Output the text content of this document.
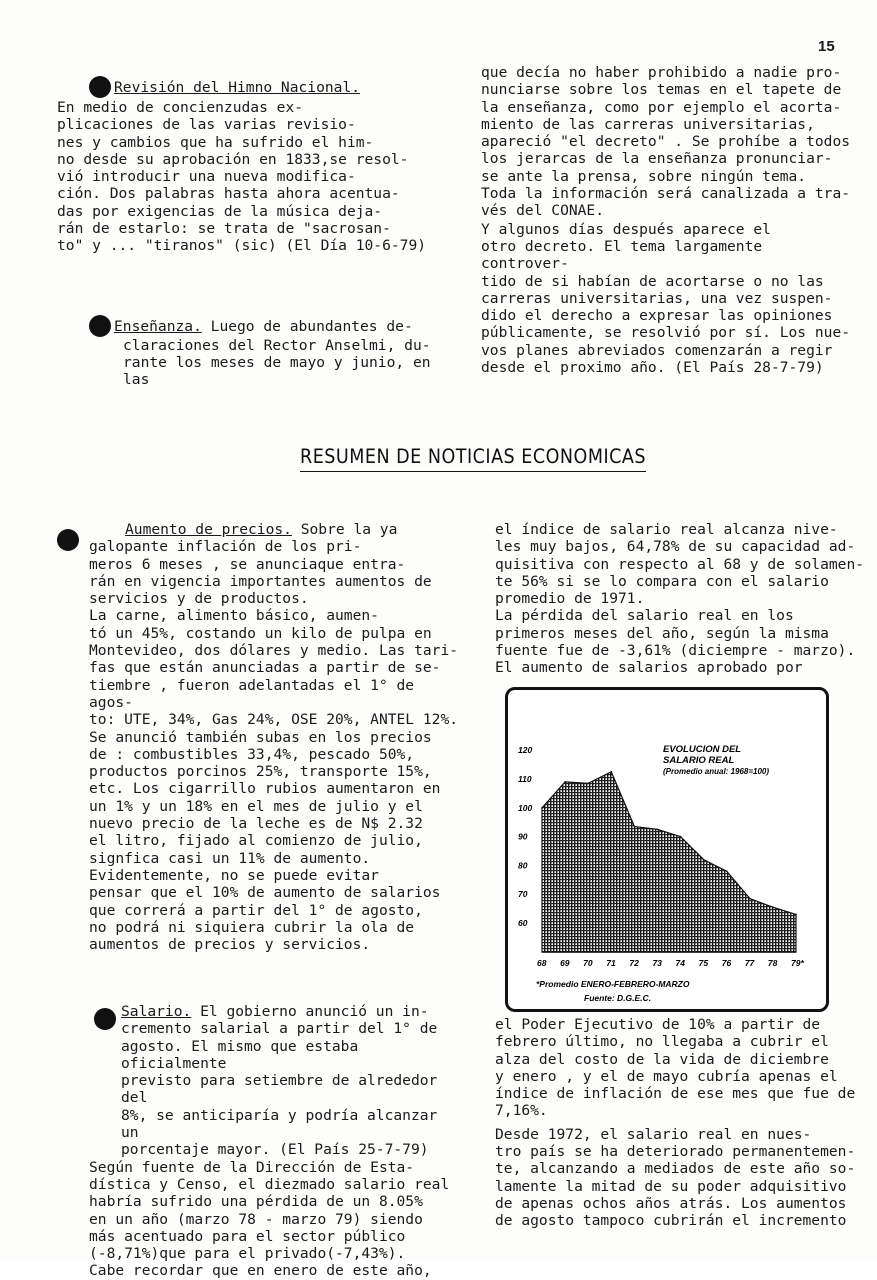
15

Revisión del Himno Nacional.

En medio de concienzudas ex-
plicaciones de las varias revisio-
nes y cambios que ha sufrido el him-
no desde su aprobación en 1833,se resol-
vió introducir una nueva modifica-
ción. Dos palabras hasta ahora acentua-
das por exigencias de la música deja-
rán de estarlo: se trata de "sacrosan-
to" y ... "tiranos" (sic) (El Día 10-6-79)

Enseñanza. Luego de abundantes de-

claraciones del Rector Anselmi, du-
rante los meses de mayo y junio, en las

que decía no haber prohibido a nadie pro-
nunciarse sobre los temas en el tapete de
la enseñanza, como por ejemplo el acorta-
miento de las carreras universitarias,
apareció "el decreto" . Se prohíbe a todos
los jerarcas de la enseñanza pronunciar-
se ante la prensa, sobre ningún tema.
Toda la información será canalizada a tra-
vés del CONAE.

Y algunos días después aparece el
otro decreto. El tema largamente controver-
tido de si habían de acortarse o no las
carreras universitarias, una vez suspen-
dido el derecho a expresar las opiniones
públicamente, se resolvió por sí. Los nue-
vos planes abreviados comenzarán a regir
desde el proximo año. (El País 28-7-79)

RESUMEN DE NOTICIAS ECONOMICAS

Aumento de precios. Sobre la ya

galopante inflación de los pri-
meros 6 meses , se anunciaque entra-
rán en vigencia importantes aumentos de
servicios y de productos.

La carne, alimento básico, aumen-
tó un 45%, costando un kilo de pulpa en
Montevideo, dos dólares y medio. Las tari-
fas que están anunciadas a partir de se-
tiembre , fueron adelantadas el 1° de agos-
to: UTE, 34%, Gas 24%, OSE 20%, ANTEL 12%.
Se anunció también subas en los precios
de : combustibles 33,4%, pescado 50%,
productos porcinos 25%, transporte 15%,
etc. Los cigarrillo rubios aumentaron en
un 1% y un 18% en el mes de julio y el
nuevo precio de la leche es de N$ 2.32
el litro, fijado al comienzo de julio,
signfica casi un 11% de aumento.

Evidentemente, no se puede evitar
pensar que el 10% de aumento de salarios
que correrá a partir del 1° de agosto,
no podrá ni siquiera cubrir la ola de
aumentos de precios y servicios.

Salario. El gobierno anunció un in-

cremento salarial a partir del 1° de
agosto. El mismo que estaba oficialmente
previsto para setiembre de alrededor del
8%, se anticiparía y podría alcanzar un
porcentaje mayor. (El País 25-7-79)

Según fuente de la Dirección de Esta-
dística y Censo, el diezmado salario real
habría sufrido una pérdida de un 8.05%
en un año (marzo 78 - marzo 79) siendo
más acentuado para el sector público
(-8,71%)que para el privado(-7,43%).
Cabe recordar que en enero de este año,

el índice de salario real alcanza nive-
les muy bajos, 64,78% de su capacidad ad-
quisitiva con respecto al 68 y de solamen-
te 56% si se lo compara con el salario
promedio de 1971.

La pérdida del salario real en los
primeros meses del año, según la misma
fuente fue de -3,61% (diciempre - marzo).
El aumento de salarios aprobado por

el Poder Ejecutivo de 10% a partir de
febrero último, no llegaba a cubrir el
alza del costo de la vida de diciembre
y enero , y el de mayo cubría apenas el
índice de inflación de ese mes que fue de
7,16%.

Desde 1972, el salario real en nues-
tro país se ha deteriorado permanentemen-
te, alcanzando a mediados de este año so-
lamente la mitad de su poder adquisitivo
de apenas ochos años atrás. Los aumentos
de agosto tampoco cubrirán el incremento

60
70
80
90
100
110
120
68 69 70 71 72 73 74 75 76 77 78 79*
EVOLUCION DEL
SALARIO REAL
(Promedio anual: 1968=100)
*Promedio ENERO-FEBRERO-MARZO
Fuente: D.G.E.C.
